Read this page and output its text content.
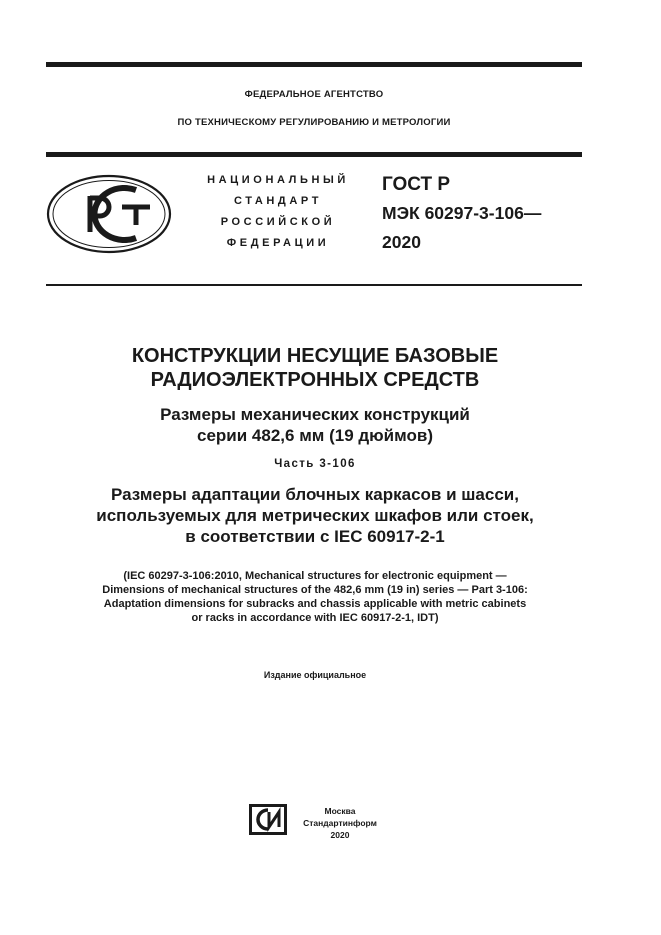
ФЕДЕРАЛЬНОЕ АГЕНТСТВО
ПО ТЕХНИЧЕСКОМУ РЕГУЛИРОВАНИЮ И МЕТРОЛОГИИ
НАЦИОНАЛЬНЫЙ
СТАНДАРТ
РОССИЙСКОЙ
ФЕДЕРАЦИИ
ГОСТ Р
МЭК 60297-3-106—
2020
КОНСТРУКЦИИ НЕСУЩИЕ БАЗОВЫЕ
РАДИОЭЛЕКТРОННЫХ СРЕДСТВ
Размеры механических конструкций
серии 482,6 мм (19 дюймов)
Часть 3-106
Размеры адаптации блочных каркасов и шасси,
используемых для метрических шкафов или стоек,
в соответствии с IEC 60917-2-1
(IEC 60297-3-106:2010, Mechanical structures for electronic equipment —
Dimensions of mechanical structures of the 482,6 mm (19 in) series — Part 3-106:
Adaptation dimensions for subracks and chassis applicable with metric cabinets
or racks in accordance with IEC 60917-2-1, IDT)
Издание официальное
Москва
Стандартинформ
2020
